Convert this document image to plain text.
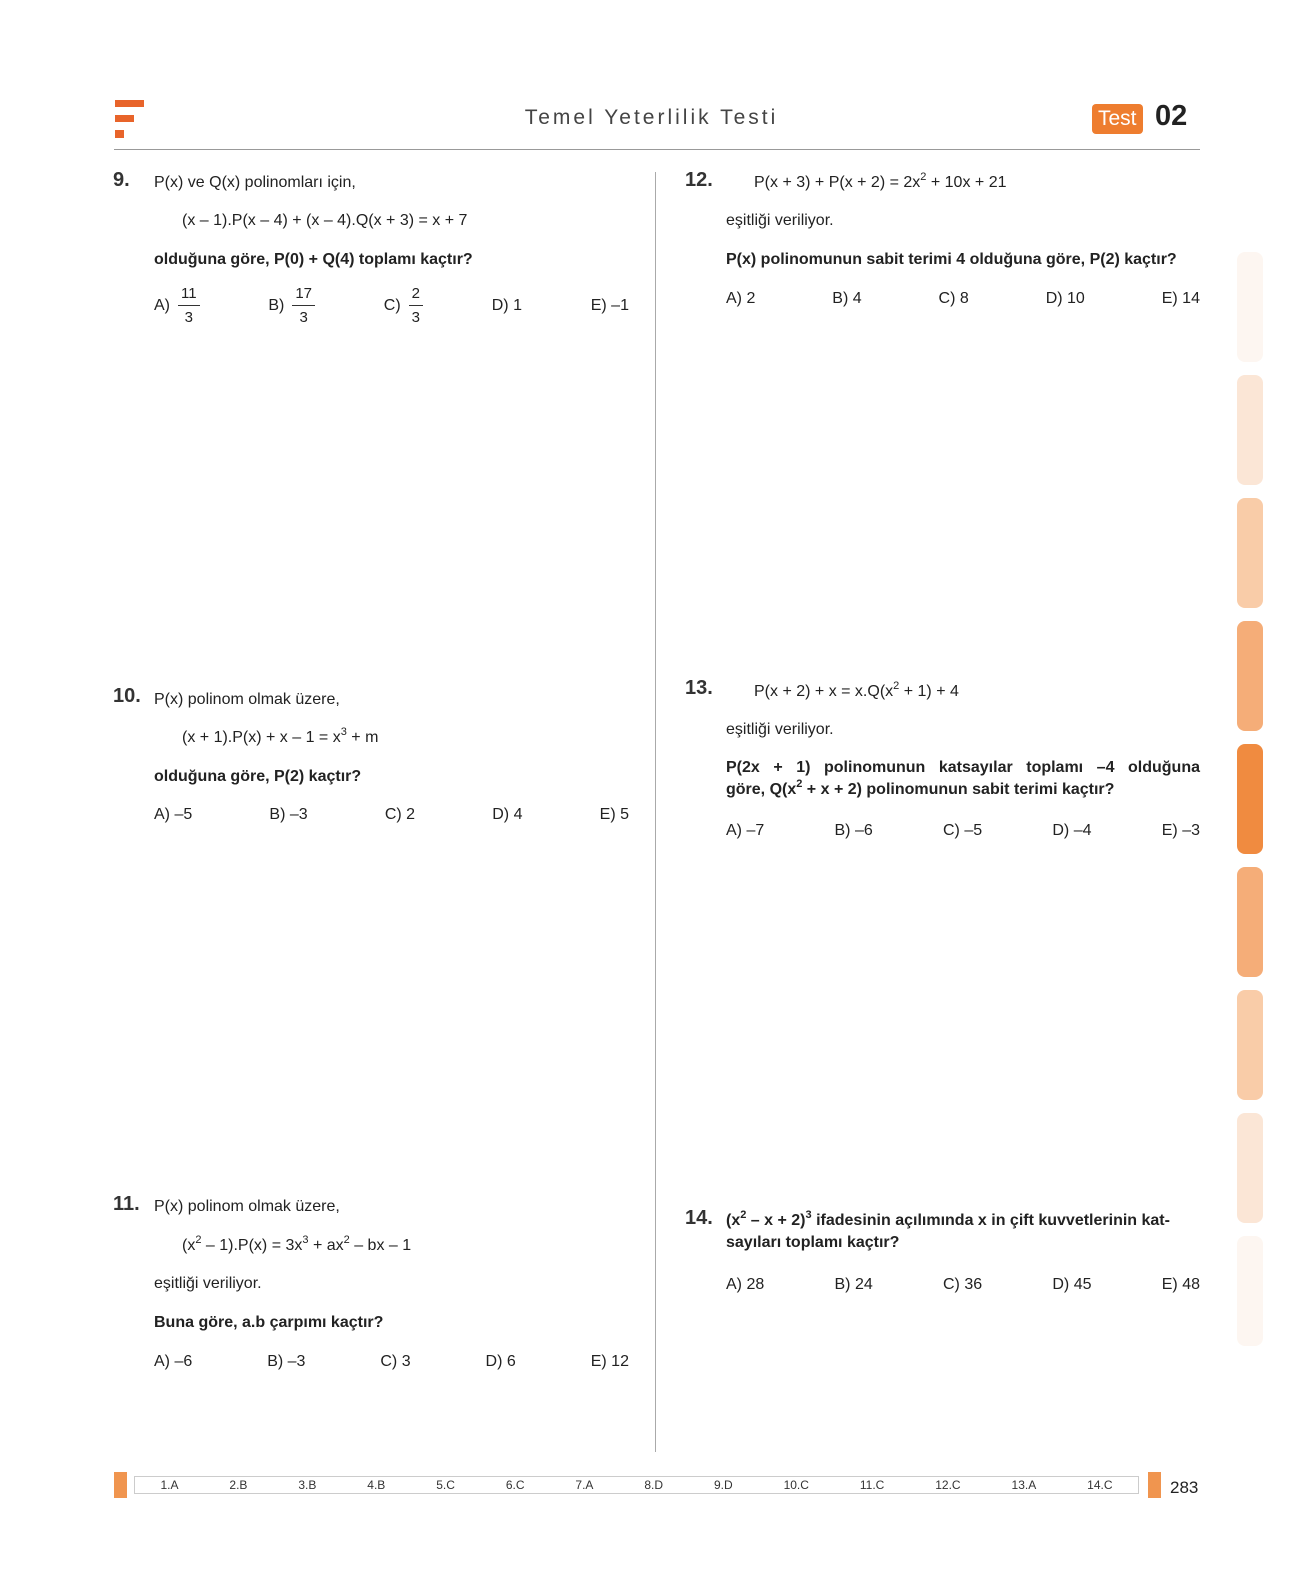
Temel Yeterlilik Testi	Test 02
9. P(x) ve Q(x) polinomları için,
(x – 1).P(x – 4) + (x – 4).Q(x + 3) = x + 7
olduğuna göre, P(0) + Q(4) toplamı kaçtır?
$A) \frac{11}{3}$	$B) \frac{17}{3}$	$C) \frac{2}{3}$	D) 1	E) –1
10. P(x) polinom olmak üzere,
$(x + 1).P(x) + x - 1 = x^3 + m$
olduğuna göre, P(2) kaçtır?
A) –5	B) –3	C) 2	D) 4	E) 5
11. P(x) polinom olmak üzere,
$(x^2 - 1).P(x) = 3x^3 + ax^2$ – bx – 1
eşitliği veriliyor.
Buna göre, a.b çarpımı kaçtır?
A) –6	B) –3	C) 3	D) 6	E) 12
12.	$P(x + 3) + P(x + 2) = 2x^2 + 10x + 21$
eşitliği veriliyor.
P(x) polinomunun sabit terimi 4 olduğuna göre, P(2) kaçtır?
A) 2	B) 4	C) 8	D) 10	E) 14
13.	$P(x + 2) + x = x.Q(x^2 + 1) + 4$
eşitliği veriliyor.
P(2x + 1) polinomunun katsayılar toplamı –4 olduğuna
göre, $Q(x^2 + x + 2)$ polinomunun sabit terimi kaçtır?
A) –7	B) –6	C) –5	D) –4	E) –3
14. $(x^2 - x + 2)^3$ ifadesinin açılımında x in çift kuvvetlerinin kat-
sayıları toplamı kaçtır?
A) 28	B) 24	C) 36	D) 45	E) 48
1.A	2.B	3.B	4.B	5.C	6.C	7.A	8.D	9.D	10.C	11.C	12.C	13.A	14.C	283
